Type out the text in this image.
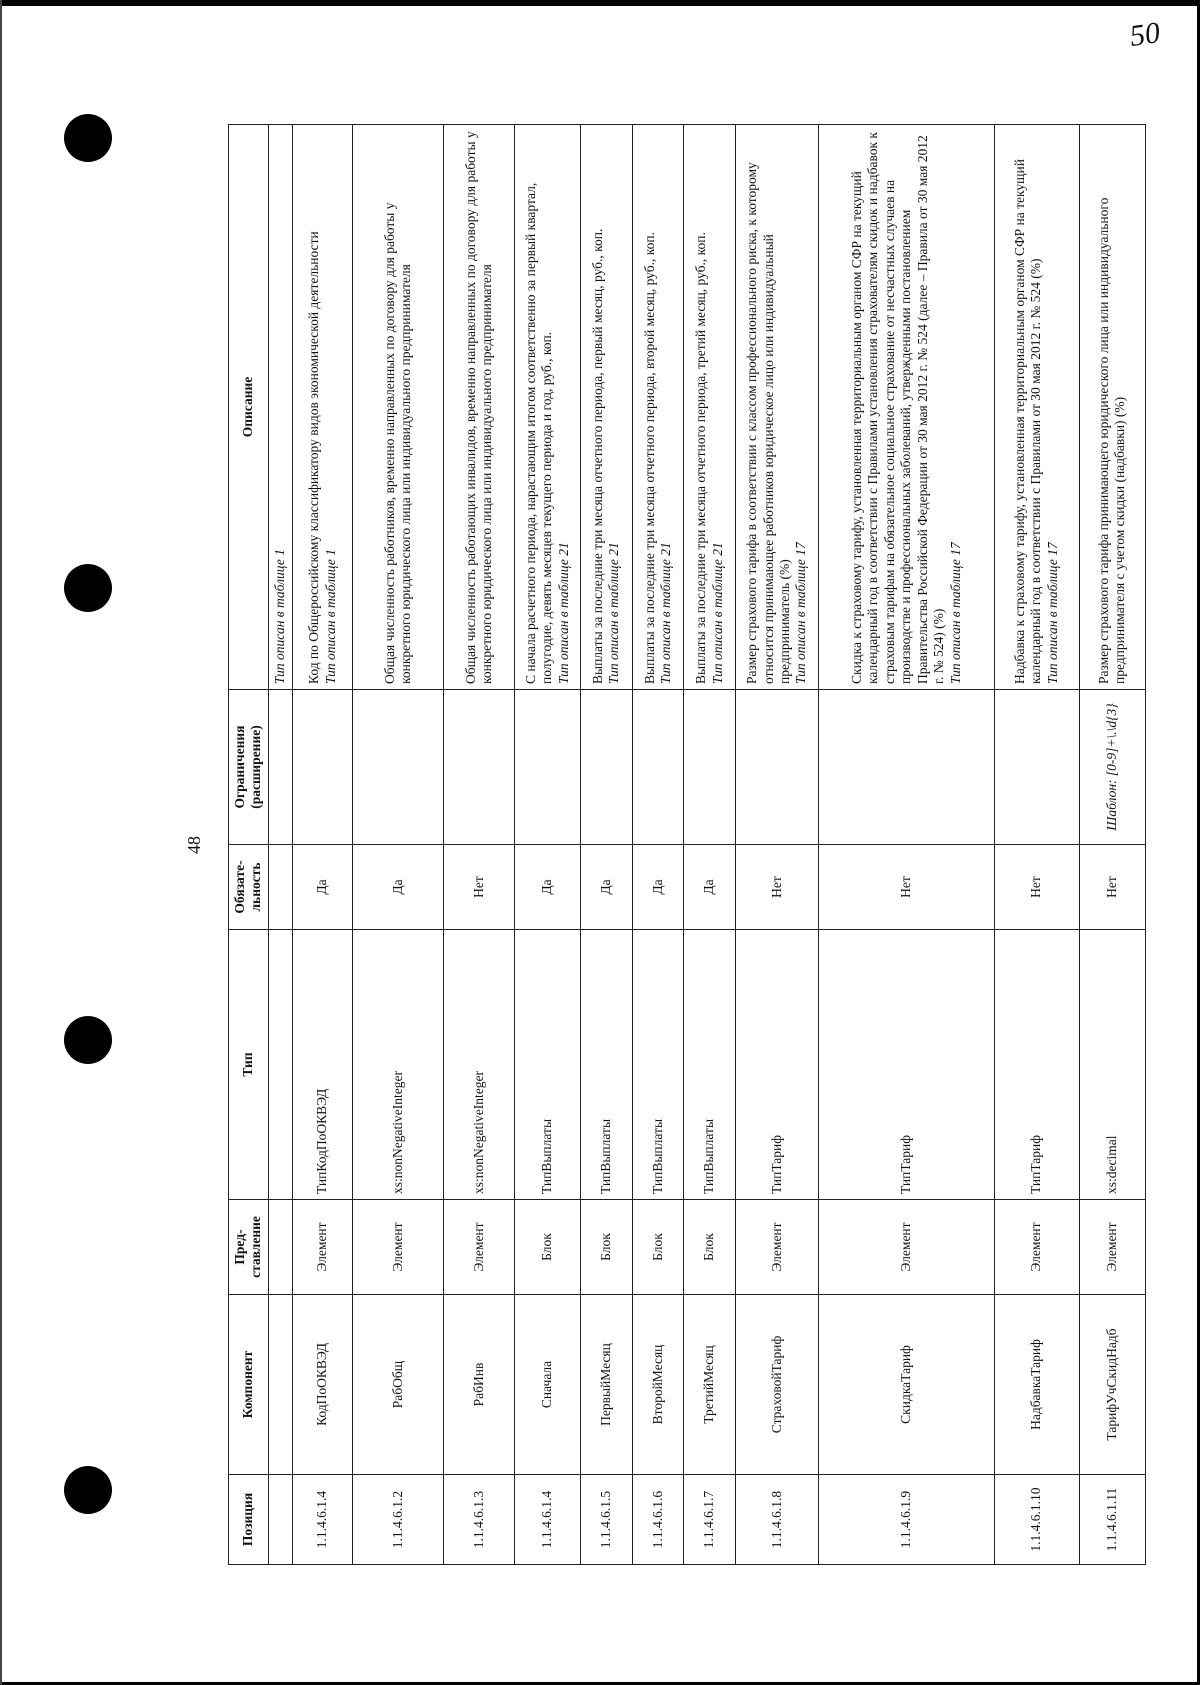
50
48
Позиция	Компонент	Пред-ставление	Тип	Обязате-льность	Ограничения (расширение)	Описание
						Тип описан в таблице 1
1.1.4.6.1.4	КодПоОКВЭД	Элемент	ТипКодПоОКВЭД	Да		Код по Общероссийскому классификатору видов экономической деятельности Тип описан в таблице 1

1.1.4.6.1.2	РабОбщ	Элемент	xs:nonNegativeInteger	Да		Общая численность работников, временно направленных по договору для работы у конкретного юридического лица или индивидуального предпринимателя

1.1.4.6.1.3	РабИнв	Элемент	xs:nonNegativeInteger	Нет		Общая численность работающих инвалидов, временно направленных по договору для работы у конкретного юридического лица или индивидуального предпринимателя

1.1.4.6.1.4	Сначала	Блок	ТипВыплаты	Да		С начала расчетного периода, нарастающим итогом соответственно за первый квартал, полугодие, девять месяцев текущего периода и год, руб., коп. Тип описан в таблице 21

1.1.4.6.1.5	ПервыйМесяц	Блок	ТипВыплаты	Да		Выплаты за последние три месяца отчетного периода, первый месяц, руб., коп. Тип описан в таблице 21

1.1.4.6.1.6	ВторойМесяц	Блок	ТипВыплаты	Да		Выплаты за последние три месяца отчетного периода, второй месяц, руб., коп. Тип описан в таблице 21

1.1.4.6.1.7	ТретийМесяц	Блок	ТипВыплаты	Да		Выплаты за последние три месяца отчетного периода, третий месяц, руб., коп. Тип описан в таблице 21

1.1.4.6.1.8	СтраховойТариф	Элемент	ТипТариф	Нет		Размер страхового тарифа в соответствии с классом профессионального риска, к которому относится принимающее работников юридическое лицо или индивидуальный предприниматель (%) Тип описан в таблице 17

1.1.4.6.1.9	СкидкаТариф	Элемент	ТипТариф	Нет		Скидка к страховому тарифу, установленная территориальным органом СФР на текущий календарный год в соответствии с Правилами установления страхователям скидок и надбавок к страховым тарифам на обязательное социальное страхование от несчастных случаев на производстве и профессиональных заболеваний, утвержденными постановлением Правительства Российской Федерации от 30 мая 2012 г. № 524 (далее – Правила от 30 мая 2012 г. № 524) (%) Тип описан в таблице 17

1.1.4.6.1.10	НадбавкаТариф	Элемент	ТипТариф	Нет		Надбавка к страховому тарифу, установленная территориальным органом СФР на текущий календарный год в соответствии с Правилами от 30 мая 2012 г. № 524 (%) Тип описан в таблице 17

1.1.4.6.1.11	ТарифУчСкидНадб	Элемент	xs:decimal	Нет	Шаблон: [0-9]+\.\d{3}	Размер страхового тарифа принимающего юридического лица или индивидуального предпринимателя с учетом скидки (надбавки) (%)
